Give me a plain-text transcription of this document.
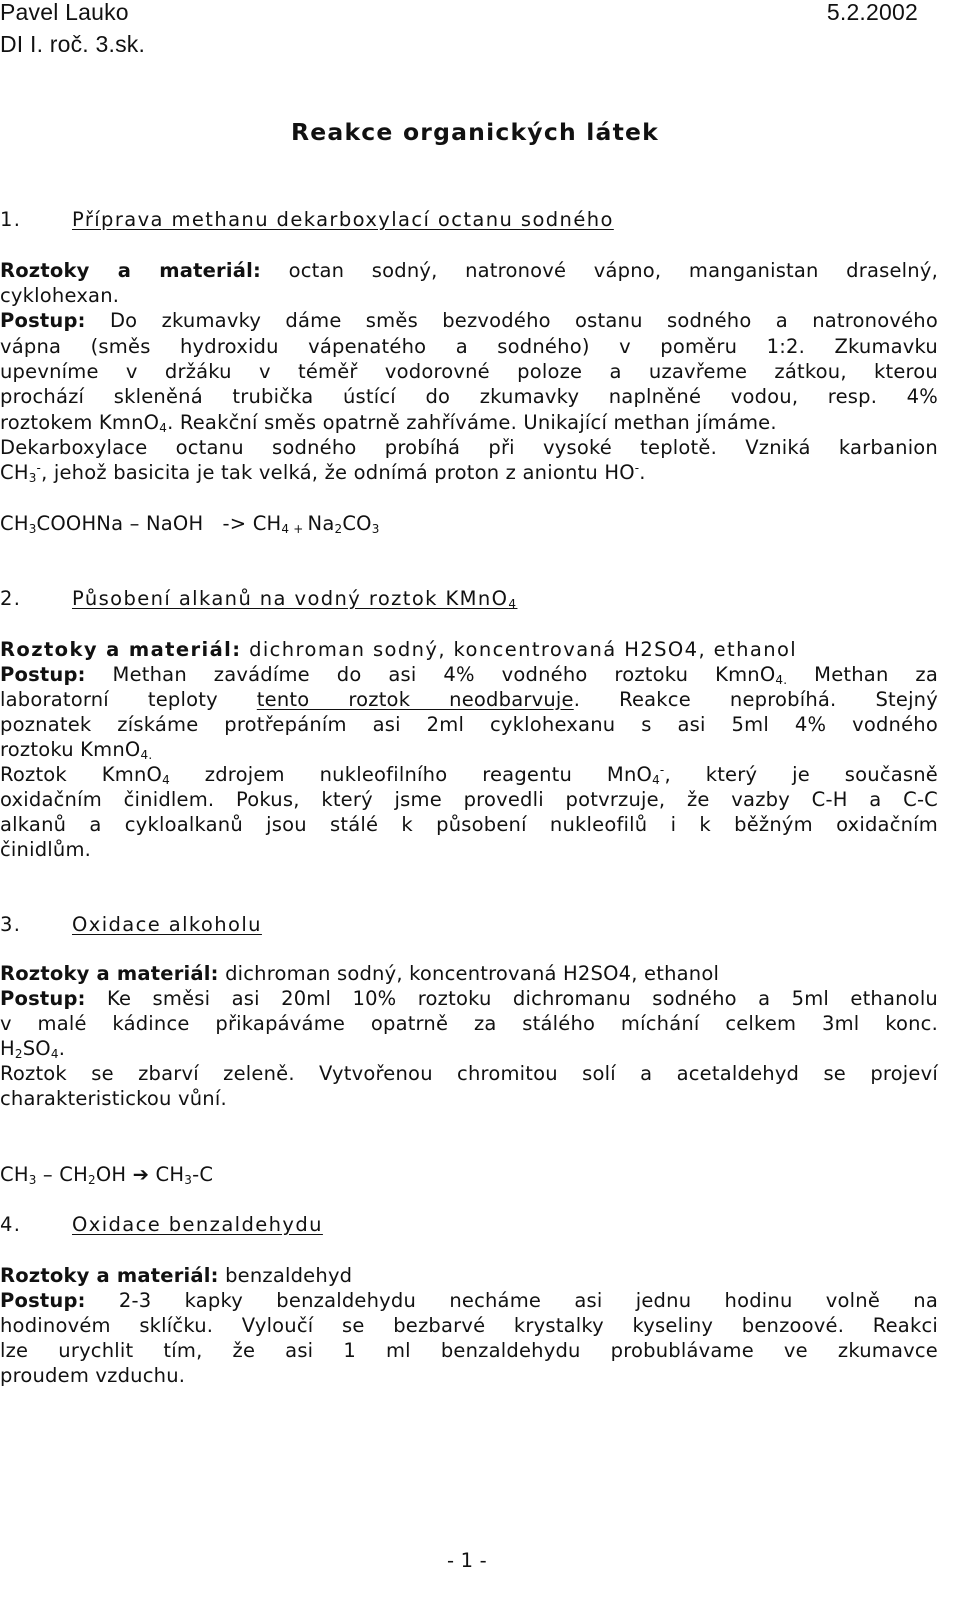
Pavel Lauko	5.2.2002
DI I. roč. 3.sk.
Reakce organických látek
1.	Příprava methanu dekarboxylací octanu sodného
Roztoky a materiál: octan sodný, natronové vápno, manganistan draselný,
cyklohexan.
Postup: Do zkumavky dáme směs bezvodého ostanu sodného a natronového
vápna (směs hydroxidu vápenatého a sodného) v poměru 1:2. Zkumavku
upevníme v držáku v téměř vodorovné poloze a uzavřeme zátkou, kterou
prochází skleněná trubička ústící do zkumavky naplněné vodou, resp. 4%
roztokem KmnO$_4$. Reakční směs opatrně zahříváme. Unikající methan jímáme.
Dekarboxylace octanu sodného probíhá při vysoké teplotě. Vzniká karbanion
$CH_3^-$, jehož basicita je tak velká, že odnímá proton z aniontu HO-.
$CH_3COOHNa$ – NaOH   -> $CH_4$ $_+$ $Na_2CO_3$
2.	Působení alkanů na vodný roztok KMnO$_4$
Roztoky a materiál: dichroman sodný, koncentrovaná H2SO4, ethanol
Postup: Methan zavádíme do asi 4% vodného roztoku KmnO$_{4.}$ Methan za
laboratorní teploty tento roztok neodbarvuje. Reakce neprobíhá. Stejný
poznatek získáme protřepáním asi 2ml cyklohexanu s asi 5ml 4% vodného
roztoku KmnO$_{4.}$
Roztok KmnO$_4$ zdrojem nukleofilního reagentu MnO$_4$-, který je současně
oxidačním činidlem. Pokus, který jsme provedli potvrzuje, že vazby C-H a C-C
alkanů a cykloalkanů jsou stálé k působení nukleofilů i k běžným oxidačním
činidlům.
3.	Oxidace alkoholu
Roztoky a materiál: dichroman sodný, koncentrovaná H2SO4, ethanol
Postup: Ke směsi asi 20ml 10% roztoku dichromanu sodného a 5ml ethanolu
v malé kádince přikapáváme opatrně za stálého míchání celkem 3ml konc.
$H_2SO_4$.
Roztok se zbarví zeleně. Vytvořenou chromitou solí a acetaldehyd se projeví
charakteristickou vůní.
$CH_3 - CH_2OH$ ➔ $CH_3-C$
4.	Oxidace benzaldehydu
Roztoky a materiál: benzaldehyd
Postup: 2-3 kapky benzaldehydu necháme asi jednu hodinu volně na
hodinovém sklíčku. Vyloučí se bezbarvé krystalky kyseliny benzoové. Reakci
lze urychlit tím, že asi 1 ml benzaldehydu probublávame ve zkumavce
proudem vzduchu.
- 1 -
